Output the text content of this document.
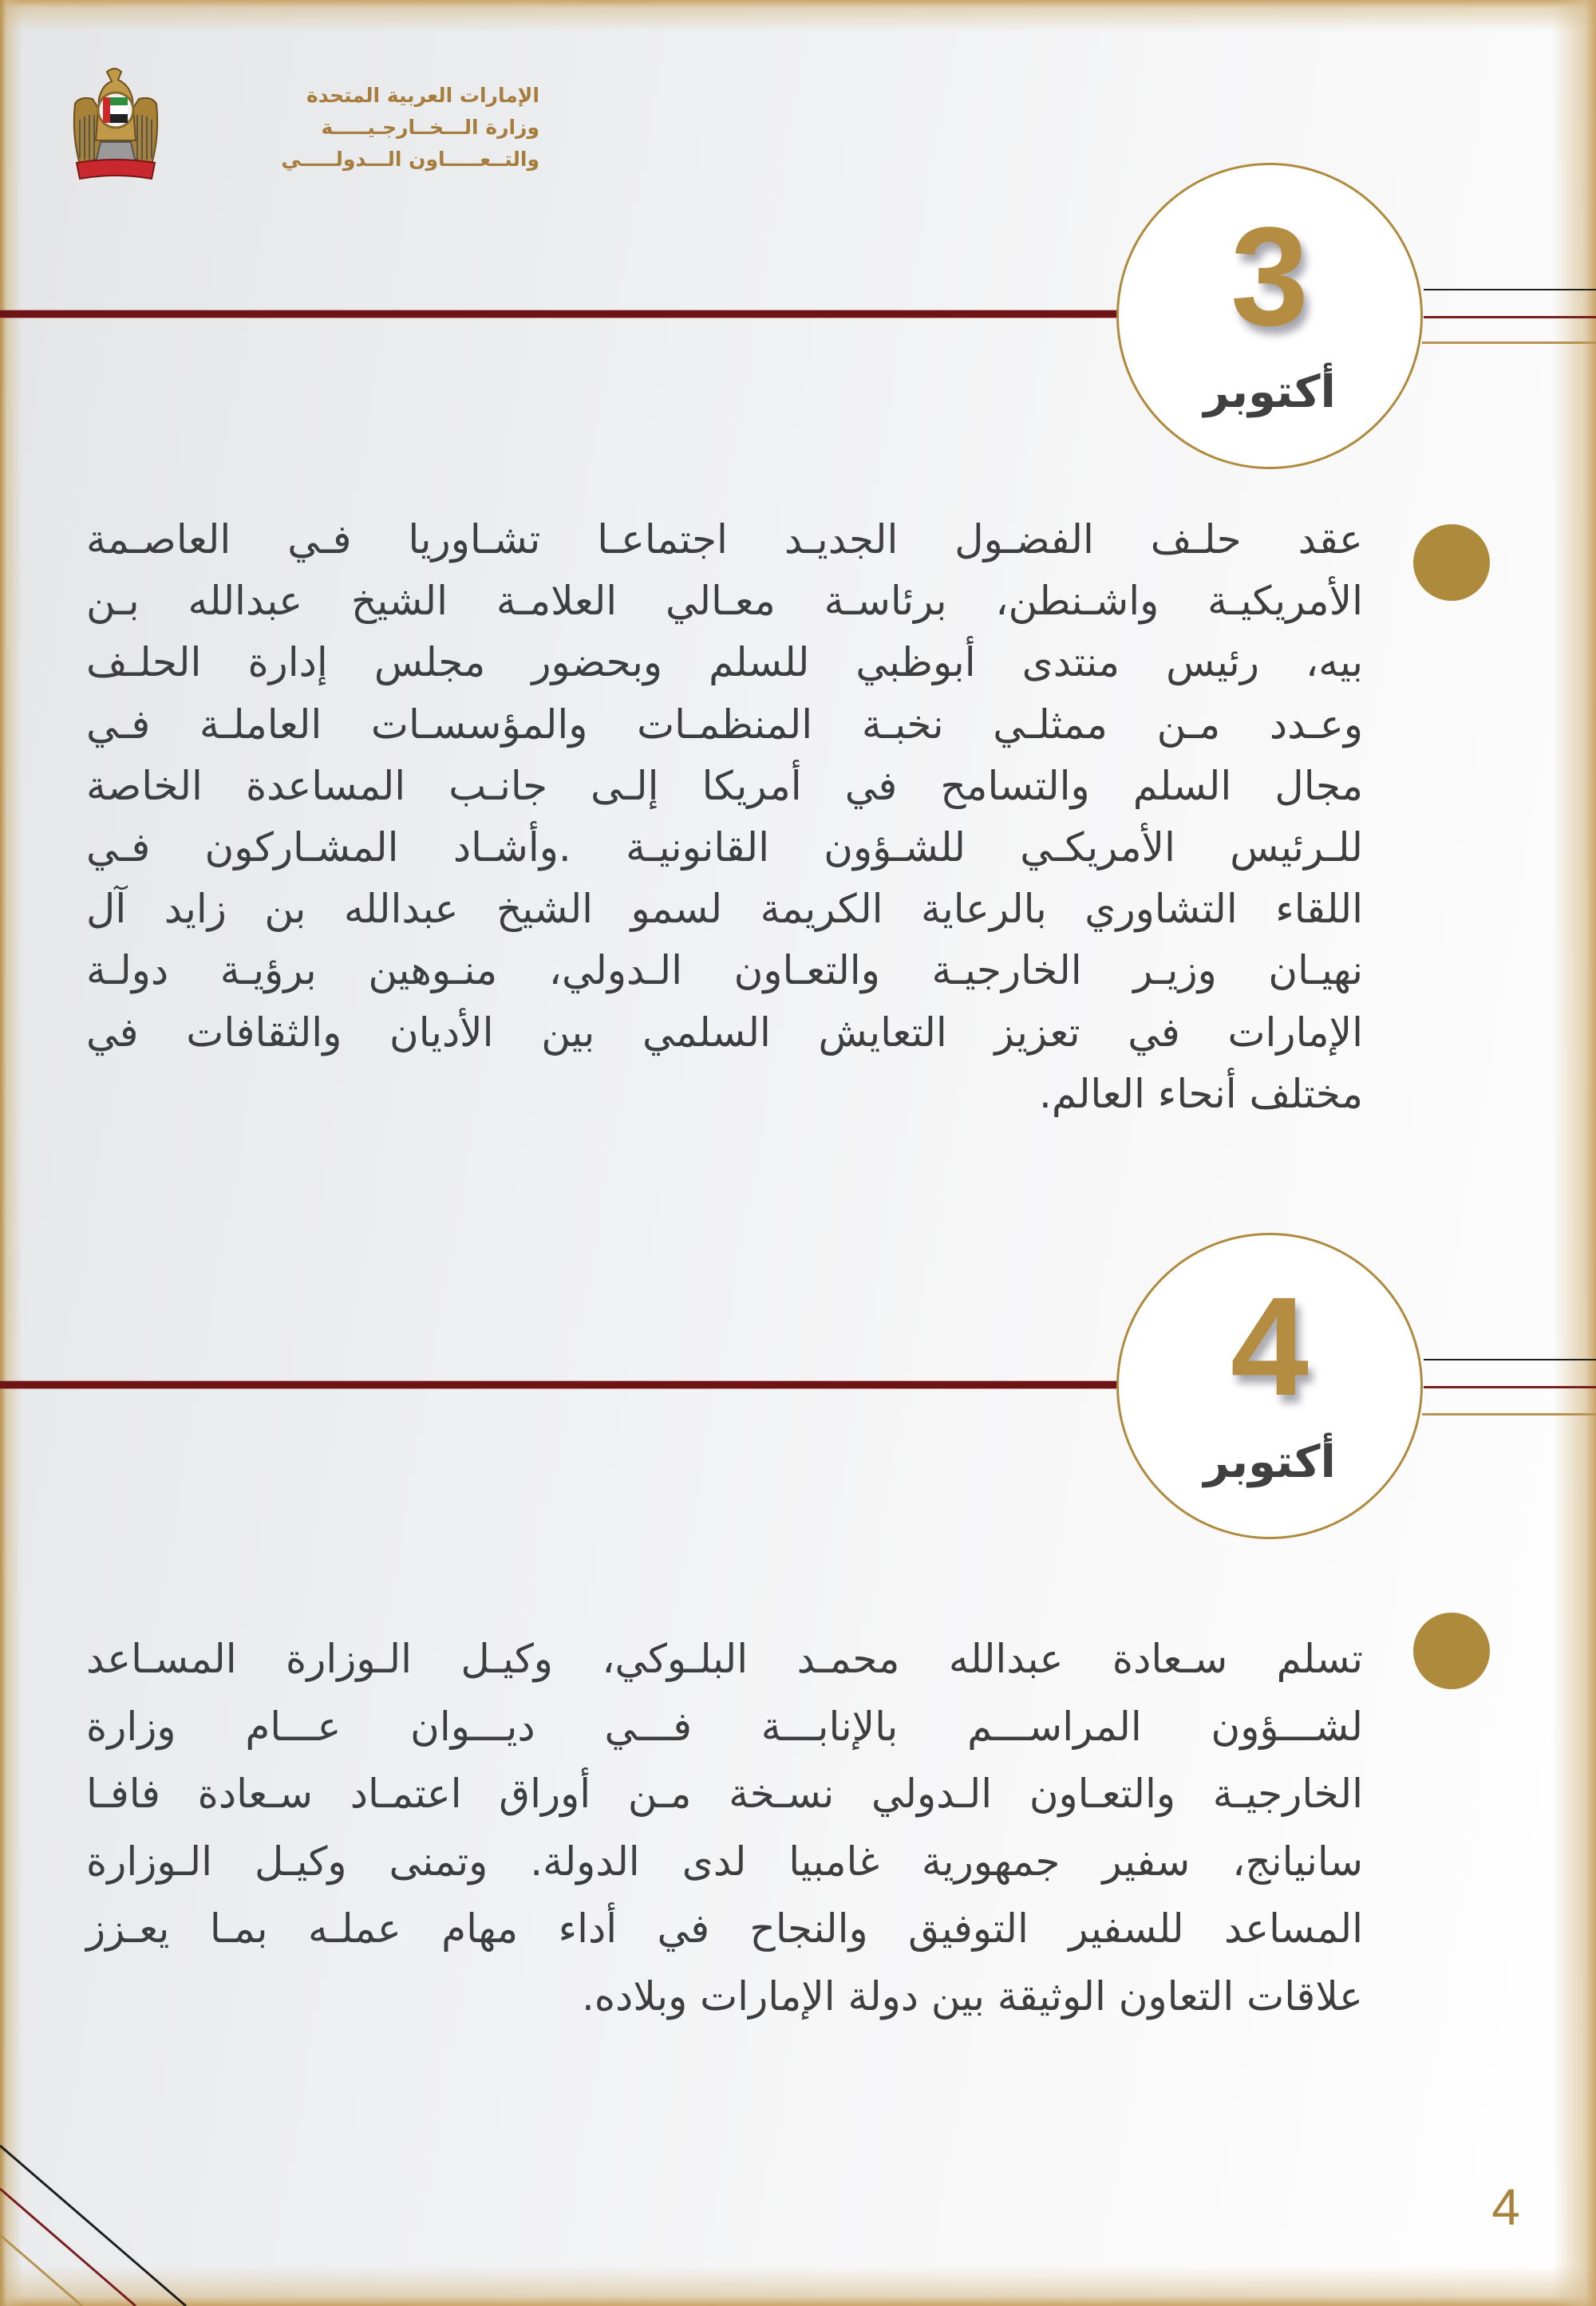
الإمارات العربية المتحدة
وزارة الـــخــارجـيـــــة
والتــعـــــاون الـــدولـــــي
3
أكتوبر
عقد حلـف الفضـول الجديـد اجتماعـا تشـاوريا فـي العاصـمة
الأمريكيـة واشـنطن، برئاسـة معـالي العلامـة الشيخ عبدالله بـن
بيه، رئيس منتدى أبوظبي للسلم وبحضور مجلس إدارة الحلـف
وعـدد مـن ممثلـي نخبـة المنظمـات والمؤسسـات العاملـة فـي
مجال السلم والتسامح في أمريكا إلـى جانـب المساعدة الخاصة
للـرئيس الأمريكـي للشـؤون القانونيـة .وأشـاد المشـاركون فـي
اللقاء التشاوري بالرعاية الكريمة لسمو الشيخ عبدالله بن زايد آل
نهيـان وزيـر الخارجيـة والتعـاون الـدولي، منـوهين برؤيـة دولـة
الإمارات في تعزيز التعايش السلمي بين الأديان والثقافات في
مختلف أنحاء العالم.
4
أكتوبر
تسلم سـعادة عبدالله محمـد البلـوكي، وكيـل الـوزارة المسـاعد
لشـــؤون المراســـم بالإنابـــة فـــي ديـــوان عـــام وزارة
الخارجيـة والتعـاون الـدولي نسـخة مـن أوراق اعتمـاد سـعادة فافـا
سانيانج، سفير جمهورية غامبيا لدى الدولة. وتمنى وكيـل الـوزارة
المساعد للسفير التوفيق والنجاح في أداء مهام عملـه بمـا يعـزز
علاقات التعاون الوثيقة بين دولة الإمارات وبلاده.
4
